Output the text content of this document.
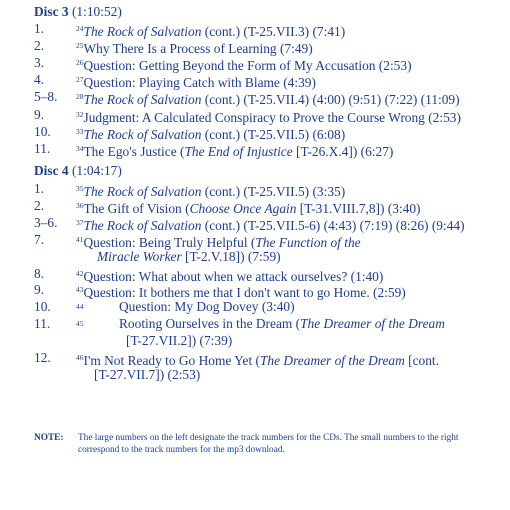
Disc 3 (1:10:52)
1.	$^{24}$The Rock of Salvation (cont.) (T-25.VII.3) (7:41)
2.	$^{25}$Why There Is a Process of Learning (7:49)
3.	$^{26}$Question: Getting Beyond the Form of My Accusation (2:53)
4.	$^{27}$Question: Playing Catch with Blame (4:39)
5–8. $^{28}$The Rock of Salvation (cont.) (T-25.VII.4) (4:00) (9:51) (7:22) (11:09)
9.	$^{32}$Judgment: A Calculated Conspiracy to Prove the Course Wrong (2:53)
10.	$^{33}$The Rock of Salvation (cont.) (T-25.VII.5) (6:08)
11.	$^{34}$The Ego's Justice (The End of Injustice [T-26.X.4]) (6:27)
Disc 4 (1:04:17)
1.	$^{35}$The Rock of Salvation (cont.) (T-25.VII.5) (3:35)
2.	$^{36}$The Gift of Vision (Choose Once Again [T-31.VIII.7,8]) (3:40)
3–6. $^{37}$The Rock of Salvation (cont.) (T-25.VII.5-6) (4:43) (7:19) (8:26) (9:44)
7.	$^{41}$Question: Being Truly Helpful (The Function of the
Miracle Worker [T-2.V.18]) (7:59)
8.	$^{42}$Question: What about when we attack ourselves? (1:40)
9.	$^{43}$Question: It bothers me that I don't want to go Home. (2:59)
10.	$^{44}$	Question: My Dog Dovey (3:40)
11.	$^{45}$	Rooting Ourselves in the Dream (The Dreamer of the Dream
[T-27.VII.2]) (7:39)
12.	$^{46}$I'm Not Ready to Go Home Yet (The Dreamer of the Dream [cont.
[T-27.VII.7]) (2:53)
NOTE: The large numbers on the left designate the track numbers for the CDs. The small numbers to the right correspond to the track numbers for the mp3 download.
